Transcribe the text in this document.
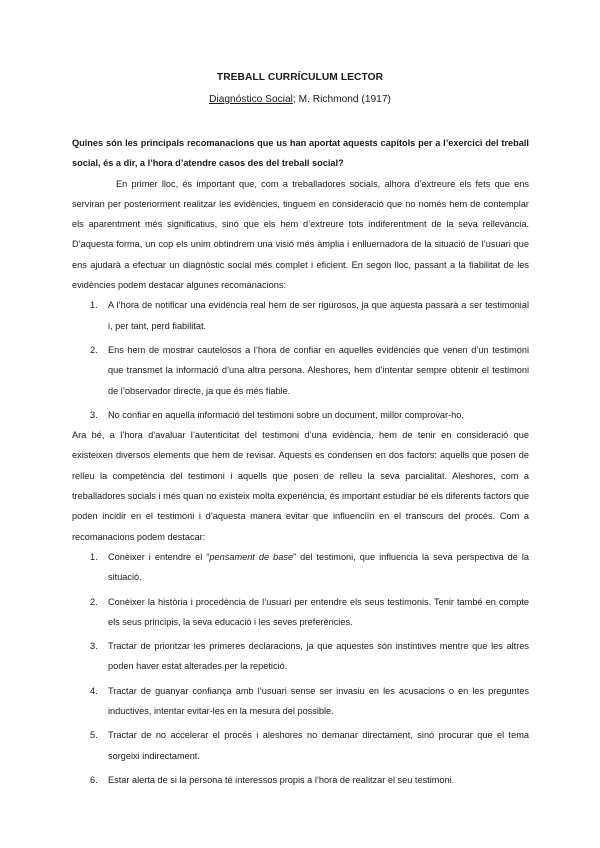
TREBALL CURRÍCULUM LECTOR
Diagnóstico Social; M. Richmond (1917)

Quines són les principals recomanacions que us han aportat aquests capítols per a l’exercici del treball social, és a dir, a l’hora d’atendre casos des del treball social?

En primer lloc, és important que, com a treballadores socials, alhora d’extreure els fets que ens serviran per posteriorment realitzar les evidències, tinguem en consideració que no només hem de contemplar els aparentment més significatius, sinó que els hem d’extreure tots indiferentment de la seva rellevància. D’aquesta forma, un cop els unim obtindrem una visió més àmplia i enlluernadora de la situació de l’usuari que ens ajudarà a efectuar un diagnòstic social més complet i eficient. En segon lloc, passant a la fiabilitat de les evidències podem destacar algunes recomanacions:

1. A l’hora de notificar una evidència real hem de ser rigurosos, ja que aquesta passarà a ser testimonial i, per tant, perd fiabilitat.
2. Ens hem de mostrar cautelosos a l’hora de confiar en aquelles evidències que venen d’un testimoni que transmet la informació d’una altra persona. Aleshores, hem d’intentar sempre obtenir el testimoni de l’observador directe, ja que és més fiable.
3. No confiar en aquella informació del testimoni sobre un document, millor comprovar-ho.

Ara bé, a l’hora d’avaluar l’autenticitat del testimoni d’una evidència, hem de tenir en consideració que existeixen diversos elements que hem de revisar. Aquests es condensen en dos factors: aquells que posen de relleu la competència del testimoni i aquells que posen de relleu la seva parcialitat. Aleshores, com a treballadores socials i més quan no existeix molta experiència, és important estudiar bé els diferents factors que poden incidir en el testimoni i d’aquesta manera evitar que influenciïn en el transcurs del procés. Com a recomanacions podem destacar:

1. Conèixer i entendre el “pensament de base” del testimoni, que influencia la seva perspectiva de la situació.
2. Conèixer la història i procedència de l’usuari per entendre els seus testimonis. Tenir també en compte els seus principis, la seva educació i les seves preferències.
3. Tractar de prioritzar les primeres declaracions, ja que aquestes són instintives mentre que les altres poden haver estat alterades per la repetició.
4. Tractar de guanyar confiança amb l’usuari sense ser invasiu en les acusacions o en les preguntes inductives, intentar evitar-les en la mesura del possible.
5. Tractar de no accelerar el procés i aleshores no demanar directament, sinó procurar que el tema sorgeixi indirectament.
6. Estar alerta de si la persona té interessos propis a l’hora de realitzar el seu testimoni.
